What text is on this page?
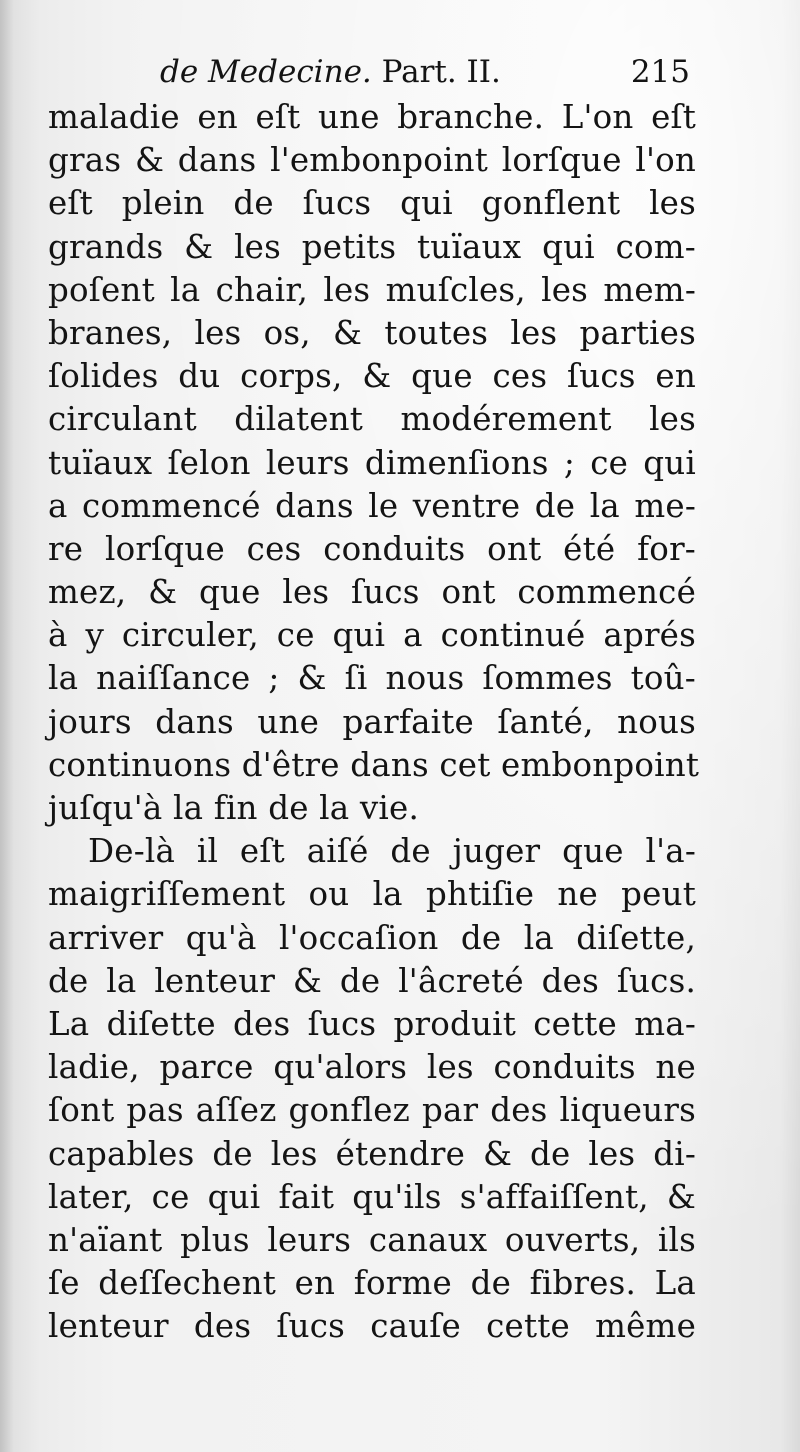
de Medecine. Part. II.	215
maladie en eſt une branche. L'on eſt
gras & dans l'embonpoint lorſque l'on
eſt plein de ſucs qui gonflent les
grands & les petits tuïaux qui com-
poſent la chair, les muſcles, les mem-
branes, les os, & toutes les parties
ſolides du corps, & que ces ſucs en
circulant dilatent modérement les
tuïaux ſelon leurs dimenſions ; ce qui
a commencé dans le ventre de la me-
re lorſque ces conduits ont été for-
mez, & que les ſucs ont commencé
à y circuler, ce qui a continué aprés
la naiſſance ; & ſi nous ſommes toû-
jours dans une parfaite ſanté, nous
continuons d'être dans cet embonpoint
juſqu'à la fin de la vie.
De-là il eſt aiſé de juger que l'a-
maigriſſement ou la phtiſie ne peut
arriver qu'à l'occaſion de la diſette,
de la lenteur & de l'âcreté des ſucs.
La diſette des ſucs produit cette ma-
ladie, parce qu'alors les conduits ne
ſont pas aſſez gonflez par des liqueurs
capables de les étendre & de les di-
later, ce qui fait qu'ils s'affaiſſent, &
n'aïant plus leurs canaux ouverts, ils
ſe deſſechent en forme de fibres. La
lenteur des ſucs cauſe cette même
